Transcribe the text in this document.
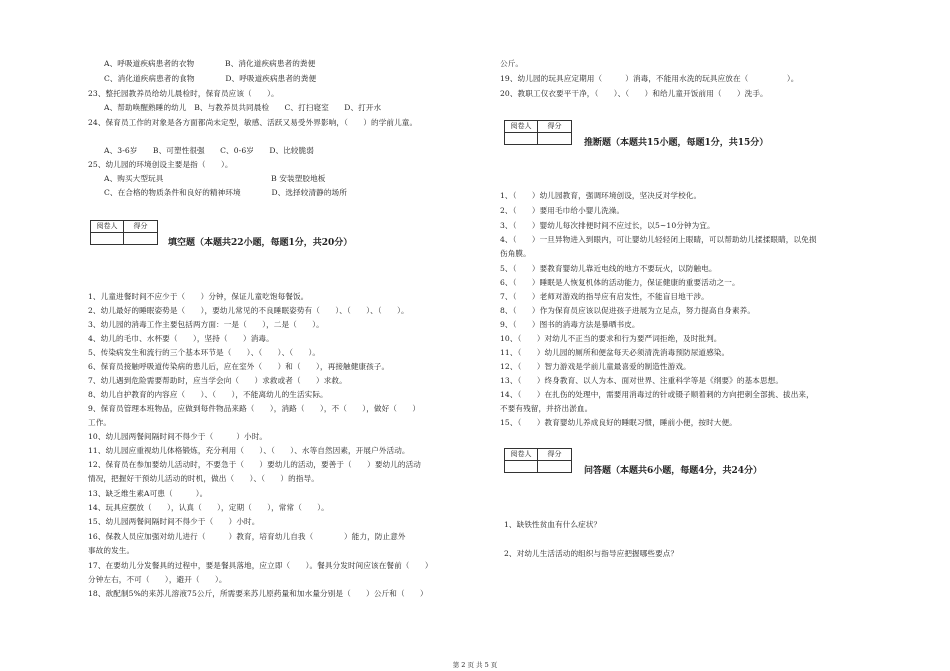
A、呼吸道疾病患者的衣物　　　　B、消化道疾病患者的粪便
C、消化道疾病患者的食物　　　　D、呼吸道疾病患者的粪便
23、整托园教养员给幼儿晨检时，保育员应该（　　）。
A、帮助唤醒熟睡的幼儿　B、与教养员共同晨检　　C、打扫寝室　　D、打开水
24、保育员工作的对象是各方面都尚未定型，敏感、活跃又易受外界影响，（　　）的学前儿童。
A、3-6岁　　B、可塑性很强　　C、0-6岁　　D、比较脆弱
25、幼儿园的环境创设主要是指（　　）。
A、购买大型玩具　　　　　　　　　　　　　　B 安装塑胶地板
C、在合格的物质条件和良好的精神环境　　　　D、选择较清静的场所
阅卷人	得分
填空题（本题共22小题，每题1分，共20分）
1、儿童进餐时间不应少于（　　）分钟，保证儿童吃饱每餐饭。
2、幼儿最好的睡眠姿势是（　　），要幼儿常见的不良睡眠姿势有（　　）、（　　）、（　　）。
3、幼儿园的消毒工作主要包括两方面：一是（　　），二是（　　）。
4、幼儿的毛巾、水杯要（　　），坚持（　　）消毒。
5、传染病发生和流行的三个基本环节是（　　）、（　　）、（　　）。
6、保育员接触呼吸道传染病的患儿后，应在室外（　　）和（　　），再接触健康孩子。
7、幼儿遇到危险需要帮助时，应当学会向（　　）求救或者（　　）求救。
8、幼儿自护教育的内容应（　　）、（　　），不能离幼儿的生活实际。
9、保育员管理本班物品，应做到每件物品来路（　　），消路（　　），不（　　），做好（　　）
工作。
10、幼儿园两餐间隔时间不得少于（　　　）小时。
11、幼儿园应重视幼儿体格锻炼，充分利用（　　）、（　　）、水等自然因素，开展户外活动。
12、保育员在参加要幼儿活动时，不要急于（　　）要幼儿的活动，要善于（　　）要幼儿的活动
情况，把握好干预幼儿活动的时机，做出（　　）、（　　）的指导。
13、缺乏维生素A可患（　　　）。
14、玩具应摆放（　　），认真（　　），定期（　　），常常（　　）。
15、幼儿园两餐间隔时间不得少于（　　）小时。
16、保教人员应加强对幼儿进行（　　　）教育，培育幼儿自我（　　　　）能力，防止意外
事故的发生。
17、在要幼儿分发餐具的过程中，要是餐具落地，应立即（　　）。餐具分发时间应该在餐前（　　）
分钟左右，不可（　　），避开（　　）。
18、欲配制5%的来苏儿溶液75公斤，所需要来苏儿原药量和加水量分别是（　　）公斤和（　　）
公斤。
19、幼儿园的玩具应定期用（　　　）消毒，不能用水洗的玩具应放在（　　　　　）。
20、教职工仅衣要平干净，（　　）、（　　）和给儿童开饭前用（　　）洗手。
阅卷人	得分
推断题（本题共15小题，每题1分，共15分）
1、（　　）幼儿园教育，强调环境创设，坚决反对学校化。
2、（　　）要用毛巾给小婴儿洗澡。
3、（　　）婴幼儿每次排便时间不应过长，以5~10分钟为宜。
4、（　　）一旦异物进入到眼内，可让婴幼儿轻轻闭上眼睛，可以帮助幼儿揉揉眼睛，以免损
伤角膜。
5、（　　）要教育婴幼儿靠近电线的地方不要玩火，以防触电。
6、（　　）睡眠是人恢复机体的活动能力，保证健康的重要活动之一。
7、（　　）老师对游戏的指导应有启发性，不能盲目地干涉。
8、（　　）作为保育员应该以促进孩子进展为立足点，努力提高自身素养。
9、（　　）图书的消毒方法是暴晒书皮。
10、（　　）对幼儿不正当的要求和行为要严词拒绝，及时批判。
11、（　　）幼儿园的厕所和便盆每天必须清洗消毒预防尿道感染。
12、（　　）智力游戏是学前儿童最喜爱的制造性游戏。
13、（　　）终身教育、以人为本、面对世界、注重科学等是《纲要》的基本思想。
14、（　　）在扎伤的处理中，需要用消毒过的针或镊子顺着刺的方向把刺全部挑、拔出来，
不要有残留，并挤出淤血。
15、（　　）教育婴幼儿养成良好的睡眠习惯，睡前小便，按时大便。
阅卷人	得分
问答题（本题共6小题，每题4分，共24分）
1、缺铁性贫血有什么症状？
2、对幼儿生活活动的组织与指导应把握哪些要点？
第 2 页 共 5 页
